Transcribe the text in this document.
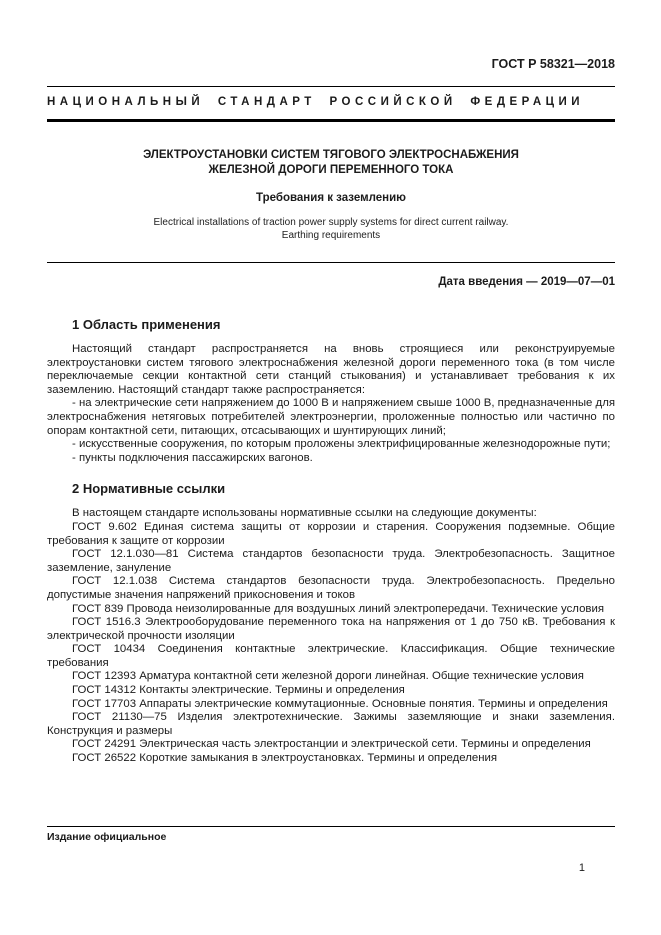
ГОСТ Р 58321—2018
НАЦИОНАЛЬНЫЙ СТАНДАРТ РОССИЙСКОЙ ФЕДЕРАЦИИ
ЭЛЕКТРОУСТАНОВКИ СИСТЕМ ТЯГОВОГО ЭЛЕКТРОСНАБЖЕНИЯ
ЖЕЛЕЗНОЙ ДОРОГИ ПЕРЕМЕННОГО ТОКА
Требования к заземлению
Electrical installations of traction power supply systems for direct current railway.
Earthing requirements
Дата введения — 2019—07—01
1 Область применения

Настоящий стандарт распространяется на вновь строящиеся или реконструируемые электроустановки систем тягового электроснабжения железной дороги переменного тока (в том числе переключаемые секции контактной сети станций стыкования) и устанавливает требования к их заземлению. Настоящий стандарт также распространяется:

- на электрические сети напряжением до 1000 В и напряжением свыше 1000 В, предназначенные для электроснабжения нетяговых потребителей электроэнергии, проложенные полностью или частично по опорам контактной сети, питающих, отсасывающих и шунтирующих линий;

- искусственные сооружения, по которым проложены электрифицированные железнодорожные пути;

- пункты подключения пассажирских вагонов.

2 Нормативные ссылки

В настоящем стандарте использованы нормативные ссылки на следующие документы:

ГОСТ 9.602 Единая система защиты от коррозии и старения. Сооружения подземные. Общие требования к защите от коррозии

ГОСТ 12.1.030—81 Система стандартов безопасности труда. Электробезопасность. Защитное заземление, зануление

ГОСТ 12.1.038 Система стандартов безопасности труда. Электробезопасность. Предельно допустимые значения напряжений прикосновения и токов

ГОСТ 839 Провода неизолированные для воздушных линий электропередачи. Технические условия

ГОСТ 1516.3 Электрооборудование переменного тока на напряжения от 1 до 750 кВ. Требования к электрической прочности изоляции

ГОСТ 10434 Соединения контактные электрические. Классификация. Общие технические требования

ГОСТ 12393 Арматура контактной сети железной дороги линейная. Общие технические условия

ГОСТ 14312 Контакты электрические. Термины и определения

ГОСТ 17703 Аппараты электрические коммутационные. Основные понятия. Термины и определения

ГОСТ 21130—75 Изделия электротехнические. Зажимы заземляющие и знаки заземления. Конструкция и размеры

ГОСТ 24291 Электрическая часть электростанции и электрической сети. Термины и определения

ГОСТ 26522 Короткие замыкания в электроустановках. Термины и определения

Издание официальное
1
